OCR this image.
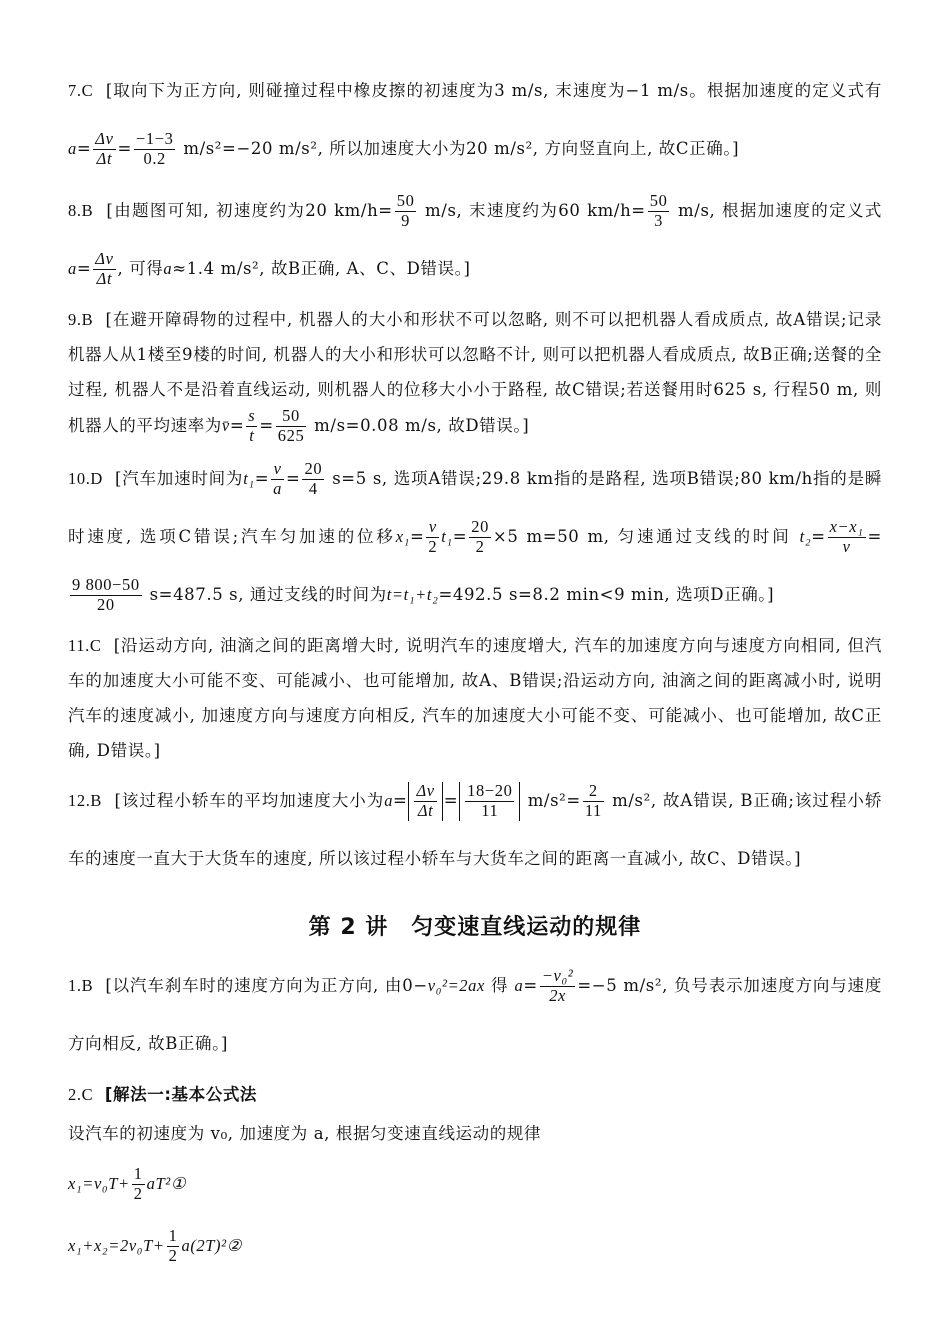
7.C [取向下为正方向, 则碰撞过程中橡皮擦的初速度为3 m/s, 末速度为−1 m/s。根据加速度的定义式有 $a= \frac{\Delta v}{\Delta t} = \frac{-1-3}{0.2} m/s^2=-20$ m/s², 所以加速度大小为20 m/s², 方向竖直向上, 故C正确。]

8.B [由题图可知, 初速度约为20 $km/h= \frac{50}{9} m/s$, 末速度约为60 $km/h= \frac{50}{3} m/s$, 根据加速度的定义式 $a= \frac{\Delta v}{\Delta t}$ , 可得a≈1.4 m/s², 故B正确, A、C、D错误。]

9.B [在避开障碍物的过程中, 机器人的大小和形状不可以忽略, 则不可以把机器人看成质点, 故A错误;记录机器人从1楼至9楼的时间, 机器人的大小和形状可以忽略不计, 则可以把机器人看成质点, 故B正确;送餐的全过程, 机器人不是沿着直线运动, 则机器人的位移大小小于路程, 故C错误;若送餐用时625 s, 行程50 m, 则机器人的平均速率为v̄= $\frac{s}{t} = \frac{50}{625} m/s=0.08$ m/s, 故D错误。]

10.D [汽车加速时间为$t_1= \frac{v}{a} = \frac{20}{4} s=5$ s, 选项A错误;29.8 km指的是路程, 选项B错误;80 km/h指的是瞬时速度, 选项C错误;汽车匀加速的位移$x_1= \frac{v}{2} t_1= \frac{20}{2} \times 5$ m=50 m, 匀速通过支线的时间 $t_2= \frac{\text{x−x₁}}{v}$ =
$\frac{9 800-50}{20} s=487.5$ s, 通过支线的时间为t=t₁+t₂=492.5 s=8.2 min<9 min, 选项D正确。]

11.C [沿运动方向, 油滴之间的距离增大时, 说明汽车的速度增大, 汽车的加速度方向与速度方向相同, 但汽车的加速度大小可能不变、可能减小、也可能增加, 故A、B错误;沿运动方向, 油滴之间的距离减小时, 说明汽车的速度减小, 加速度方向与速度方向相反, 汽车的加速度大小可能不变、可能减小、也可能增加, 故C正确, D错误。]

12.B [该过程小轿车的平均加速度大小为$a= \frac{\Delta v}{\Delta t} = \frac{18-20}{11} m/s^2= \frac{2}{11} m/s^2$, 故A错误, B正确;该过程小轿车的速度一直大于大货车的速度, 所以该过程小轿车与大货车之间的距离一直减小, 故C、D错误。]

第 2 讲　匀变速直线运动的规律

1.B [以汽车刹车时的速度方向为正方向, 由0−v₀²=2ax 得 $a= \frac{\text{−v₀²}}{2x} =-5$ m/s², 负号表示加速度方向与速度方向相反, 故B正确。]

2.C [解法一:基本公式法

设汽车的初速度为 v₀, 加速度为 a, 根据匀变速直线运动的规律

$x_1=v_0T+ \frac{1}{2}$ aT²①

$x_1+x_2=2v_0T+ \frac{1}{2}$ a(2T)²②
